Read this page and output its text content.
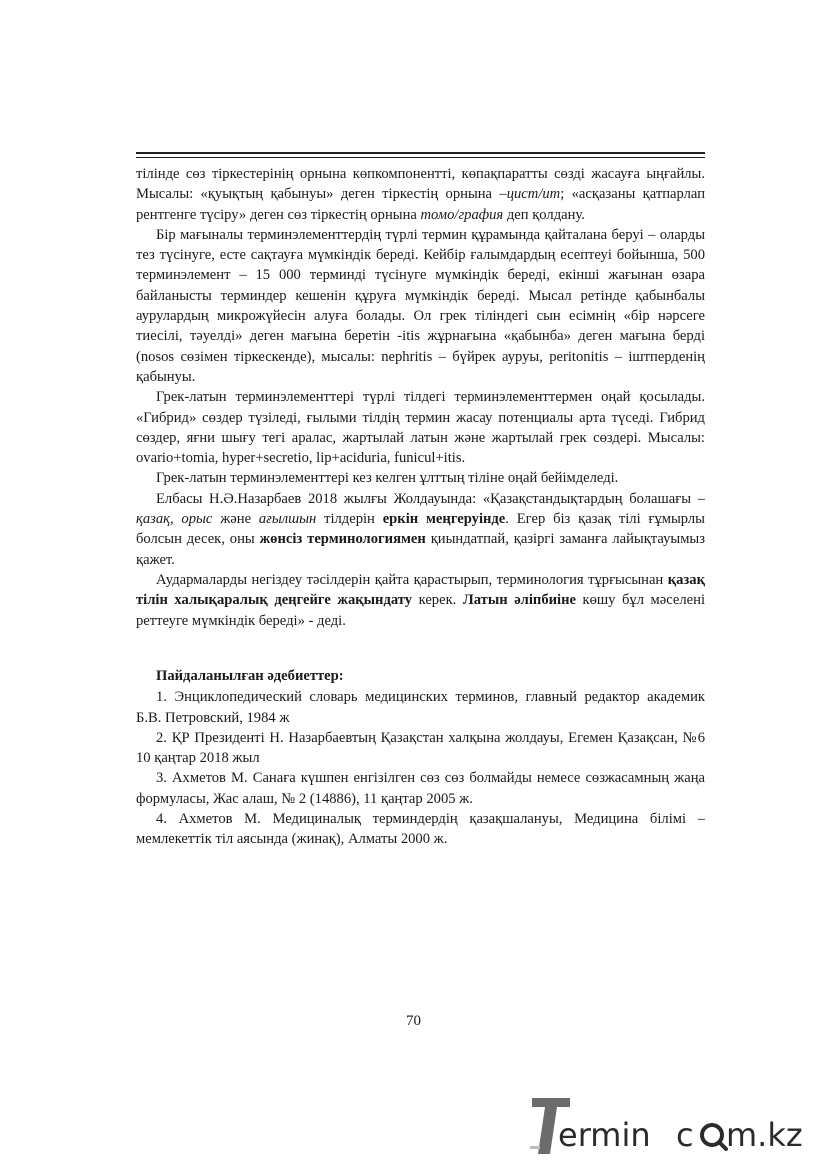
тілінде сөз тіркестерінің орнына көпкомпонентті, көпақпаратты сөзді жасауға ыңғайлы. Мысалы: «қуықтың қабынуы» деген тіркестің орнына –цист/ит; «асқазаны қатпарлап рентгенге түсіру» деген сөз тіркестің орнына томо/графия деп қолдану.

Бір мағыналы терминэлементтердің түрлі термин құрамында қайталана беруі – оларды тез түсінуге, есте сақтауға мүмкіндік береді. Кейбір ғалымдардың есептеуі бойынша, 500 терминэлемент – 15 000 терминді түсінуге мүмкіндік береді, екінші жағынан өзара байланысты терминдер кешенін құруға мүмкіндік береді. Мысал ретінде қабынбалы аурулардың микрожүйесін алуға болады. Ол грек тіліндегі сын есімнің «бір нәрсеге тиесілі, тәуелді» деген мағына беретін -itis жұрнағына «қабынба» деген мағына берді (nosos сөзімен тіркескенде), мысалы: nephritis – бүйрек ауруы, peritonitis – іштперденің қабынуы.

Грек-латын терминэлементтері түрлі тілдегі терминэлементтермен оңай қосылады. «Гибрид» сөздер түзіледі, ғылыми тілдің термин жасау потенциалы арта түседі. Гибрид сөздер, яғни шығу тегі аралас, жартылай латын және жартылай грек сөздері. Мысалы: ovario+tomia, hyper+secretio, lip+aciduria, funicul+itis.

Грек-латын терминэлементтері кез келген ұлттың тіліне оңай бейімделеді.

Елбасы Н.Ә.Назарбаев 2018 жылғы Жолдауында: «Қазақстандықтардың болашағы – қазақ, орыс және ағылшын тілдерін еркін меңгеруінде. Егер біз қазақ тілі ғұмырлы болсын десек, оны жөнсіз терминологиямен қиындатпай, қазіргі заманға лайықтауымыз қажет.

Аудармаларды негіздеу тәсілдерін қайта қарастырып, терминология тұрғысынан қазақ тілін халықаралық деңгейге жақындату керек. Латын әліпбиіне көшу бұл мәселені реттеуге мүмкіндік береді» - деді.

Пайдаланылған әдебиеттер:

1. Энциклопедический словарь медицинских терминов, главный редактор академик Б.В. Петровский, 1984 ж

2. ҚР Президенті Н. Назарбаевтың Қазақстан халқына жолдауы, Егемен Қазақсан, №6 10 қаңтар 2018 жыл

3. Ахметов М. Санаға күшпен енгізілген сөз сөз болмайды немесе сөзжасамның жаңа формуласы, Жас алаш, № 2 (14886), 11 қаңтар 2005 ж.

4. Ахметов М. Медициналық терминдердің қазақшалануы, Медицина білімі – мемлекеттік тіл аясында (жинақ), Алматы 2000 ж.

70
ermin c m.kz
